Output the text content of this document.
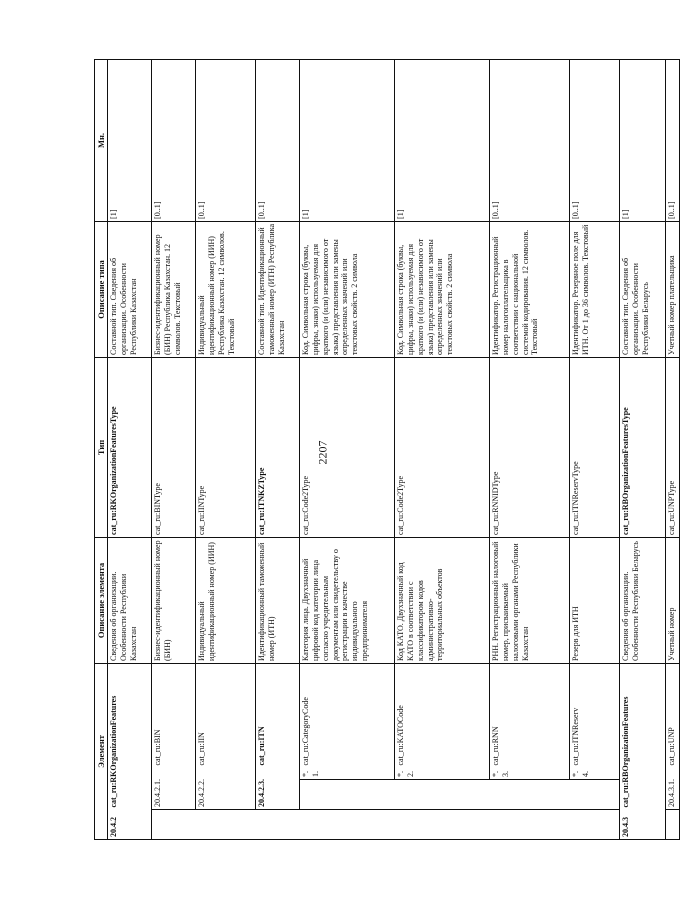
2207
Элемент				Описание элемента	Тип	Описание типа	Мн.
20.4.2	cat_ru:RKOrganizationFeatures			Сведения об организации. Особенности Республики Казахстан	cat_ru:RKOrganizationFeaturesType	Составной тип. Сведения об организации. Особенности Республики Казахстан	[1]
	20.4.2.1.		cat_ru:BIN	Бизнес-идентификационный номер (БИН)	cat_ru:BINType	Бизнес-идентификационный номер (БИН) Республика Казахстан. 12 символов. Текстовый	[0..1]
	20.4.2.2.		cat_ru:IIN	Индивидуальный идентификационный номер (ИИН)	cat_ru:IINType	Индивидуальный идентификационный номер (ИИН) Республика Казахстан. 12 символов. Текстовый	[0..1]
	20.4.2.3.		cat_ru:ITN	Идентификационный таможенный номер (ИТН)	cat_ru:ITNKZType	Составной тип. Идентификационный таможенный номер (ИТН) Республика Казахстан	[0..1]
		*.1.	cat_ru:CategoryCode	Категория лица. Двухзначный цифровой код категории лица согласно учредительным документам или свидетельству о регистрации в качестве индивидуального предпринимателя	cat_ru:Code2Type	Код. Символьная строка (буквы, цифры, знаки) используемая для краткого (и (или) независимого от языка) представления или замены определенных значений или текстовых свойств. 2 символа	[1]
		*.2.	cat_ru:KATOCode	Код КАТО. Двухзначный код КАТО в соответствии с классификатором кодов административно-территориальных объектов	cat_ru:Code2Type	Код. Символьная строка (буквы, цифры, знаки) используемая для краткого (и (или) независимого от языка) представления или замены определенных значений или текстовых свойств. 2 символа	[1]
		*.3.	cat_ru:RNN	РНН. Регистрационный налоговый номер, присваиваемый налоговыми органами Республики Казахстан	cat_ru:RNNIDType	Идентификатор. Регистрационный номер налогоплательщика в соответствии с национальной системой кодирования. 12 символов. Текстовый	[0..1]
		*.4.	cat_ru:ITNReserv	Резерв для ИТН	cat_ru:ITNReservType	Идентификатор. Резервное поле для ИТН. От 1 до 36 символов. Текстовый	[0..1]
20.4.3	cat_ru:RBOrganizationFeatures			Сведения об организации. Особенности Республики Беларусь	cat_ru:RBOrganizationFeaturesType	Составной тип. Сведения об организации. Особенности Республики Беларусь	[1]
	20.4.3.1.		cat_ru:UNP	Учетный номер	cat_ru:UNPType	Учетный номер плательщика	[0..1]
